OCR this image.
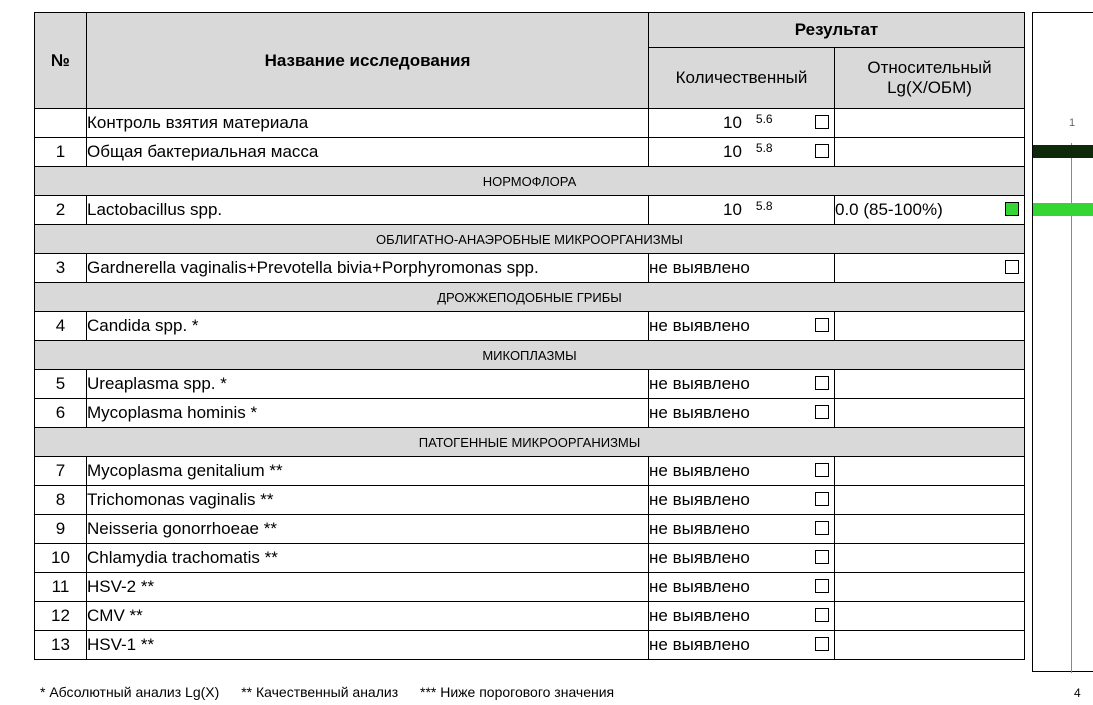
№	Название исследования	Результат	
		Количественный	Относительный Lg(X/ОБМ)
	Контроль взятия материала	10 $^{5.6}$

1	Общая бактериальная масса	10 $^{5.8}$

НОРМОФЛОРА			
2	Lactobacillus spp.	10 $^{5.8}$	0.0 (85-100%)

ОБЛИГАТНО-АНАЭРОБНЫЕ МИКРООРГАНИЗМЫ			
3	Gardnerella vaginalis+Prevotella bivia+Porphyromonas spp.	не выявлено	

ДРОЖЖЕПОДОБНЫЕ ГРИБЫ			
4	Candida spp. *	не выявлено

МИКОПЛАЗМЫ			
5	Ureaplasma spp. *	не выявлено

6	Mycoplasma hominis *	не выявлено

ПАТОГЕННЫЕ МИКРООРГАНИЗМЫ			
7	Mycoplasma genitalium **	не выявлено

8	Trichomonas vaginalis **	не выявлено

9	Neisseria gonorrhoeae **	не выявлено

10	Chlamydia trachomatis **	не выявлено

11	HSV-2 **	не выявлено

12	CMV **	не выявлено

13	HSV-1 **	не выявлено

1
4
* Абсолютный анализ Lg(X) ** Качественный анализ *** Ниже порогового значения
